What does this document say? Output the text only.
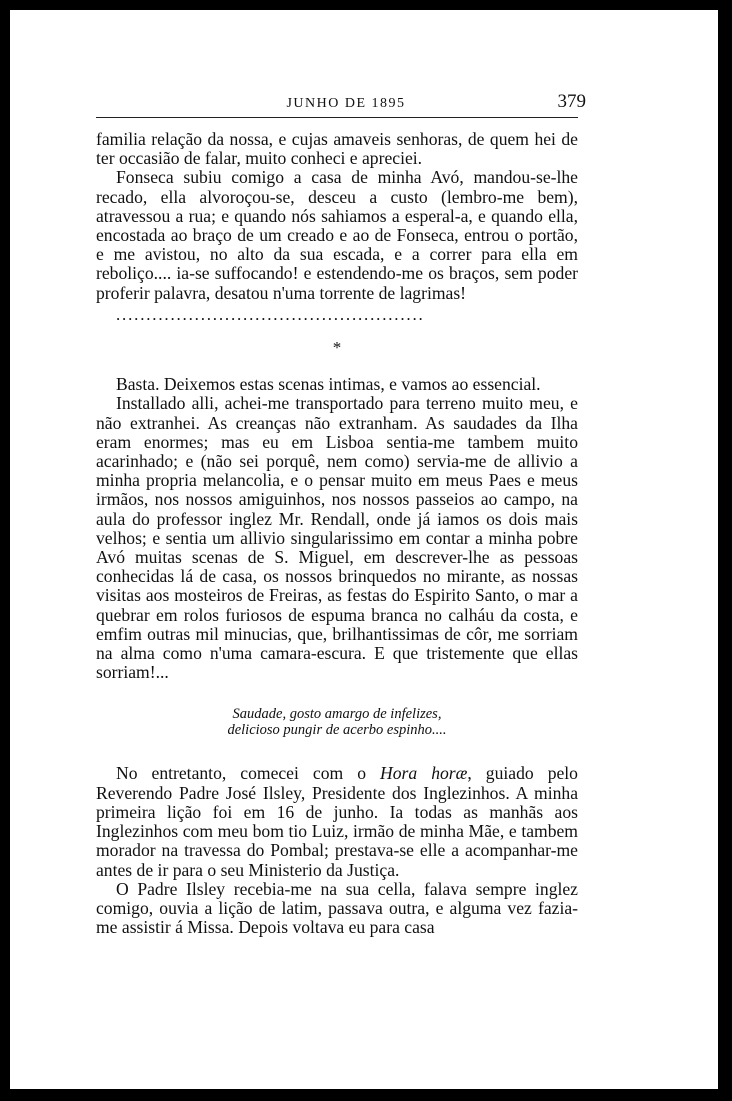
JUNHO DE 1895	379

familia relação da nossa, e cujas amaveis senhoras, de quem hei de ter occasião de falar, muito conheci e apreciei.

Fonseca subiu comigo a casa de minha Avó, mandou-se-lhe recado, ella alvoroçou-se, desceu a custo (lembro-me bem), atravessou a rua; e quando nós sahiamos a esperal-a, e quando ella, encostada ao braço de um creado e ao de Fonseca, entrou o portão, e me avistou, no alto da sua escada, e a correr para ella em reboliço.... ia-se suffocando! e estendendo-me os braços, sem poder proferir palavra, desatou n'uma torrente de lagrimas!

...................................................
*

Basta. Deixemos estas scenas intimas, e vamos ao essencial.

Installado alli, achei-me transportado para terreno muito meu, e não extranhei. As creanças não extranham. As saudades da Ilha eram enormes; mas eu em Lisboa sentia-me tambem muito acarinhado; e (não sei porquê, nem como) servia-me de allivio a minha propria melancolia, e o pensar muito em meus Paes e meus irmãos, nos nossos amiguinhos, nos nossos passeios ao campo, na aula do professor inglez Mr. Rendall, onde já iamos os dois mais velhos; e sentia um allivio singularissimo em contar a minha pobre Avó muitas scenas de S. Miguel, em descrever-lhe as pessoas conhecidas lá de casa, os nossos brinquedos no mirante, as nossas visitas aos mosteiros de Freiras, as festas do Espirito Santo, o mar a quebrar em rolos furiosos de espuma branca no calháu da costa, e emfim outras mil minucias, que, brilhantissimas de côr, me sorriam na alma como n'uma camara-escura. E que tristemente que ellas sorriam!...

Saudade, gosto amargo de infelizes,
delicioso pungir de acerbo espinho....

No entretanto, comecei com o Hora horæ, guiado pelo Reverendo Padre José Ilsley, Presidente dos Inglezinhos. A minha primeira lição foi em 16 de junho. Ia todas as manhãs aos Inglezinhos com meu bom tio Luiz, irmão de minha Mãe, e tambem morador na travessa do Pombal; prestava-se elle a acompanhar-me antes de ir para o seu Ministerio da Justiça.

O Padre Ilsley recebia-me na sua cella, falava sempre inglez comigo, ouvia a lição de latim, passava outra, e alguma vez fazia-me assistir á Missa. Depois voltava eu para casa
